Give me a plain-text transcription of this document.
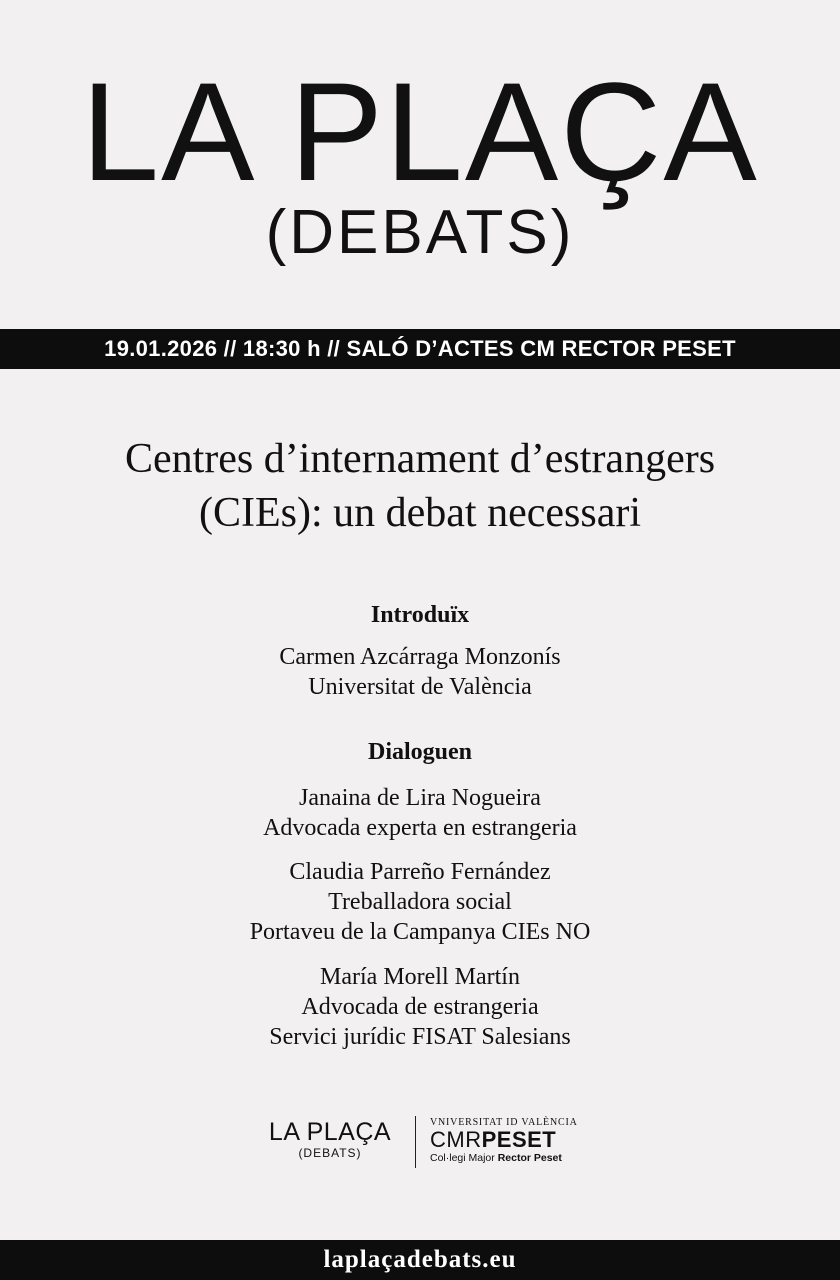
LA PLAÇA
(DEBATS)
19.01.2026 // 18:30 h // SALÓ D’ACTES CM RECTOR PESET
Centres d’internament d’estrangers
(CIEs): un debat necessari
Introduïx
Carmen Azcárraga Monzonís
Universitat de València
Dialoguen
Janaina de Lira Nogueira
Advocada experta en estrangeria
Claudia Parreño Fernández
Treballadora social
Portaveu de la Campanya CIEs NO
María Morell Martín
Advocada de estrangeria
Servici jurídic FISAT Salesians
LA PLAÇA
(DEBATS)
VNIVERSITAT ID VALÈNCIA
CMRPESET
Col·legi Major Rector Peset
laplaçadebats.eu
